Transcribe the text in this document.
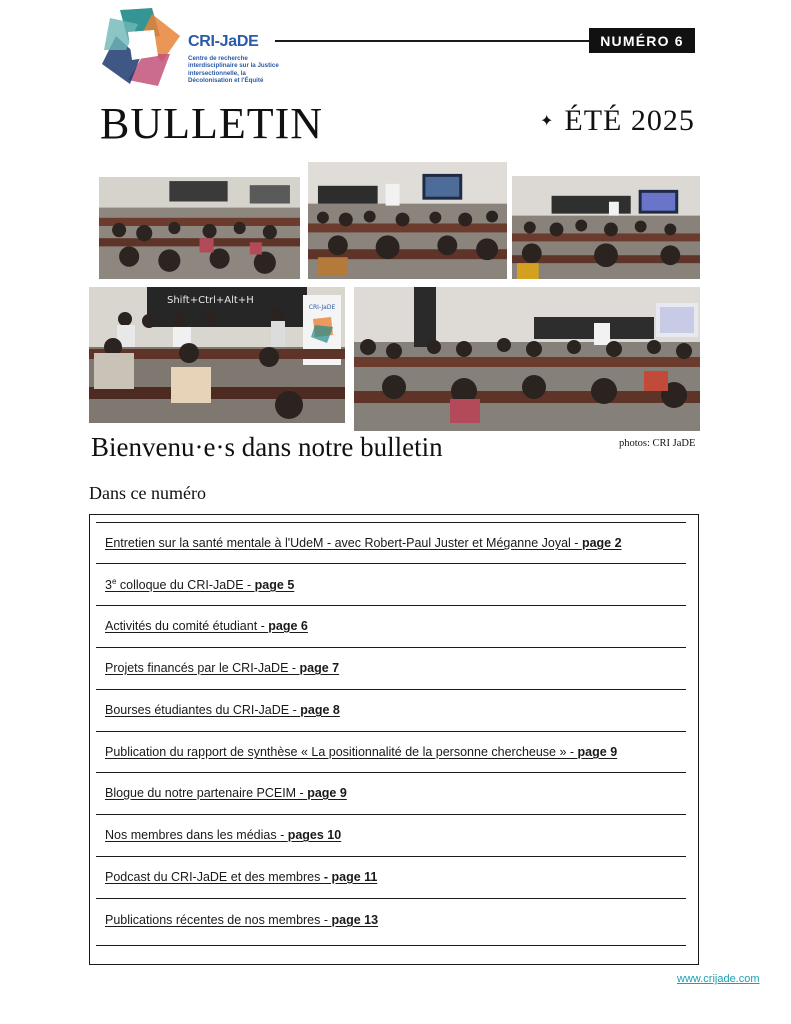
CRI-JaDE
Centre de recherche interdisciplinaire sur la Justice intersectionnelle, la Décolonisation et l'Équité
NUMÉRO 6
BULLETIN	✦ ÉTÉ 2025
Shift+Ctrl+Alt+H
CRI-JaDE
Bienvenu·e·s dans notre bulletin	photos: CRI JaDE
Dans ce numéro
Entretien sur la santé mentale à l'UdeM - avec Robert-Paul Juster et Méganne Joyal - page 2
3e colloque du CRI-JaDE - page 5
Activités du comité étudiant - page 6
Projets financés par le CRI-JaDE - page 7
Bourses étudiantes du CRI-JaDE - page 8
Publication du rapport de synthèse « La positionnalité de la personne chercheuse » - page 9
Blogue du notre partenaire PCEIM - page 9
Nos membres dans les médias - pages 10
Podcast du CRI-JaDE et des membres - page 11
Publications récentes de nos membres - page 13
www.crijade.com
